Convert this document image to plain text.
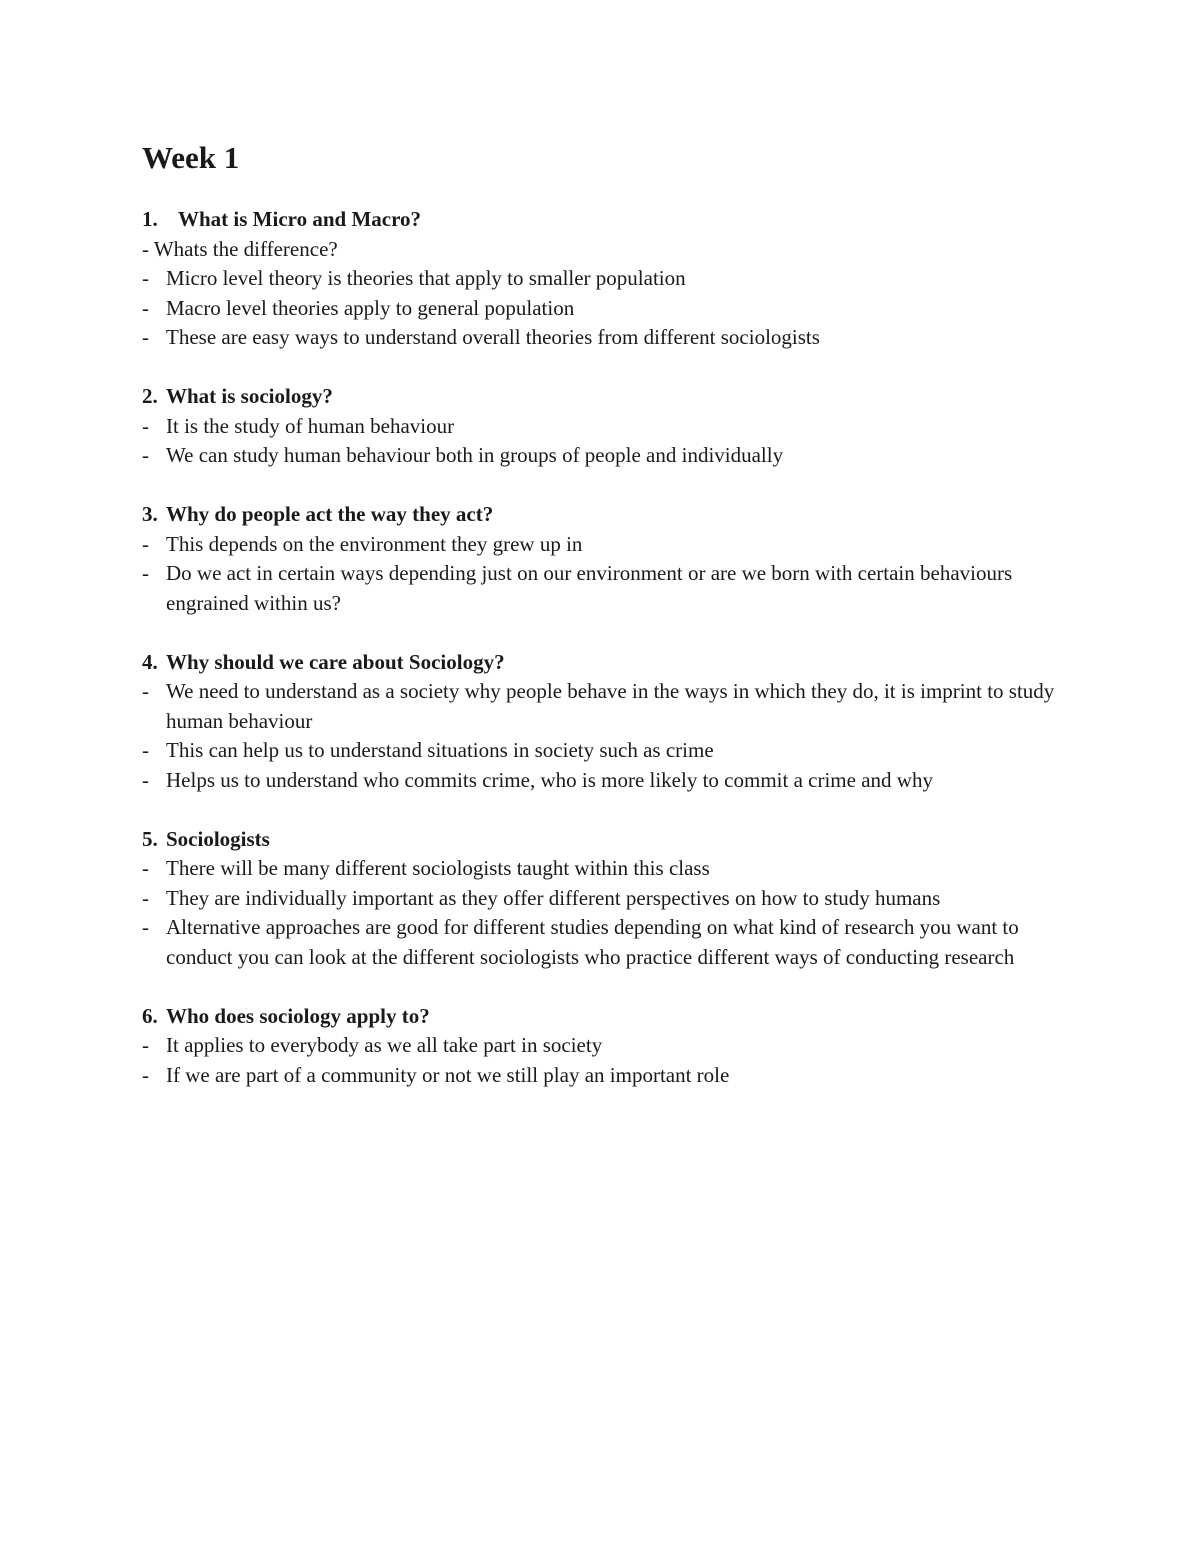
Week 1

1. What is Micro and Macro?

- Whats the difference?

- Micro level theory is theories that apply to smaller population
- Macro level theories apply to general population
- These are easy ways to understand overall theories from different sociologists

2. What is sociology?

- It is the study of human behaviour
- We can study human behaviour both in groups of people and individually

3. Why do people act the way they act?

- This depends on the environment they grew up in
- Do we act in certain ways depending just on our environment or are we born with certain behaviours engrained within us?

4. Why should we care about Sociology?

- We need to understand as a society why people behave in the ways in which they do, it is imprint to study human behaviour
- This can help us to understand situations in society such as crime
- Helps us to understand who commits crime, who is more likely to commit a crime and why

5. Sociologists

- There will be many different sociologists taught within this class
- They are individually important as they offer different perspectives on how to study humans
- Alternative approaches are good for different studies depending on what kind of research you want to conduct you can look at the different sociologists who practice different ways of conducting research

6. Who does sociology apply to?

- It applies to everybody as we all take part in society
- If we are part of a community or not we still play an important role
